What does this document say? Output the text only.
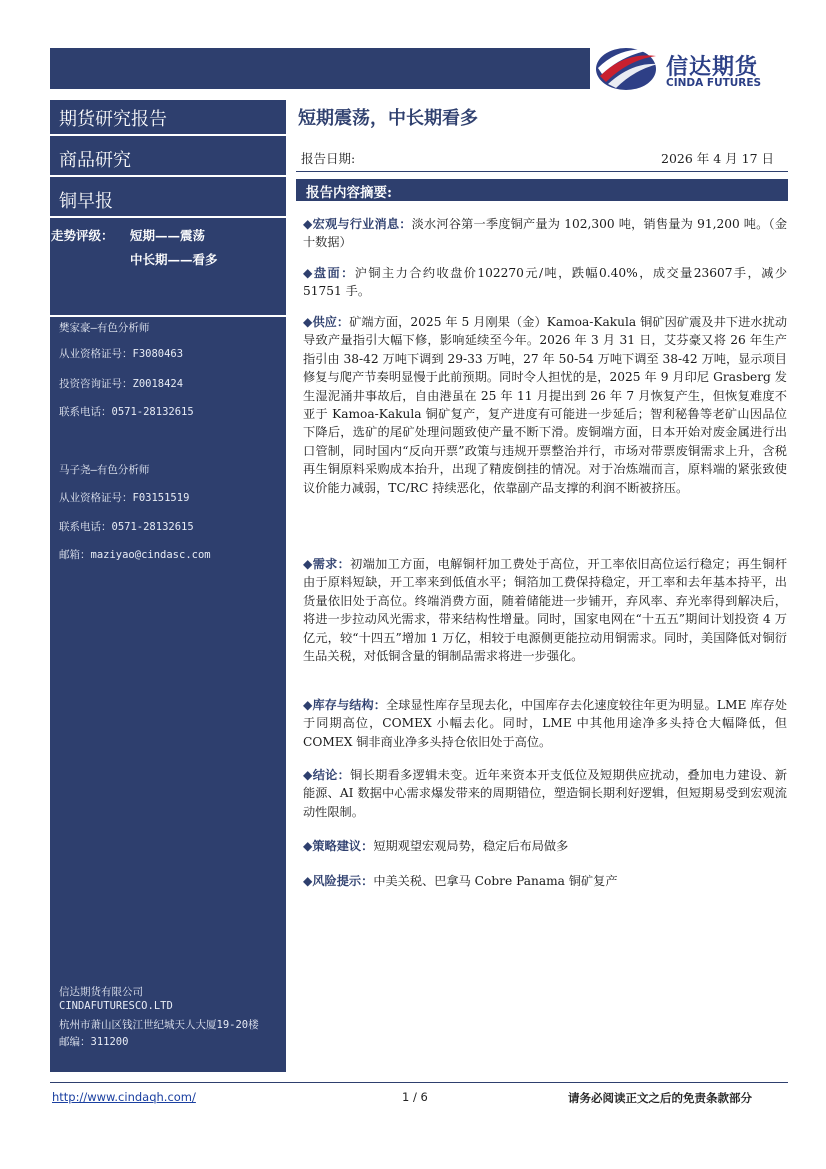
信达期货
CINDA FUTURES
期货研究报告
商品研究
铜早报
走势评级： 短期——震荡
中长期——看多
樊家豪—有色分析师
从业资格证号：F3080463
投资咨询证号：Z0018424
联系电话：0571-28132615
马子尧—有色分析师
从业资格证号：F03151519
联系电话：0571-28132615
邮箱：maziyao@cindasc.com
信达期货有限公司
CINDAFUTURESCO.LTD
杭州市萧山区钱江世纪城天人大厦19-20楼
邮编：311200
短期震荡，中长期看多
报告日期:	2026 年 4 月 17 日
报告内容摘要:
◆宏观与行业消息：淡水河谷第一季度铜产量为 102,300 吨，销售量为 91,200 吨。（金十数据）
◆盘面：沪铜主力合约收盘价102270元/吨，跌幅0.40%，成交量23607手，减少 51751 手。
◆供应：矿端方面，2025 年 5 月刚果（金）Kamoa-Kakula 铜矿因矿震及井下进水扰动导致产量指引大幅下修，影响延续至今年。2026 年 3 月 31 日，艾芬豪又将 26 年生产指引由 38-42 万吨下调到 29-33 万吨，27 年 50-54 万吨下调至 38-42 万吨，显示项目修复与爬产节奏明显慢于此前预期。同时令人担忧的是，2025 年 9 月印尼 Grasberg 发生湿泥涌井事故后，自由港虽在 25 年 11 月提出到 26 年 7 月恢复产生，但恢复难度不亚于 Kamoa-Kakula 铜矿复产，复产进度有可能进一步延后；智利秘鲁等老矿山因品位下降后，选矿的尾矿处理问题致使产量不断下滑。废铜端方面，日本开始对废金属进行出口管制，同时国内“反向开票”政策与违规开票整治并行，市场对带票废铜需求上升，含税再生铜原料采购成本抬升，出现了精废倒挂的情况。对于冶炼端而言，原料端的紧张致使议价能力减弱，TC/RC 持续恶化，依靠副产品支撑的利润不断被挤压。
◆需求：初端加工方面，电解铜杆加工费处于高位，开工率依旧高位运行稳定；再生铜杆由于原料短缺，开工率来到低值水平；铜箔加工费保持稳定，开工率和去年基本持平，出货量依旧处于高位。终端消费方面，随着储能进一步铺开，弃风率、弃光率得到解决后，将进一步拉动风光需求，带来结构性增量。同时，国家电网在“十五五”期间计划投资 4 万亿元，较“十四五”增加 1 万亿，相较于电源侧更能拉动用铜需求。同时，美国降低对铜衍生品关税，对低铜含量的铜制品需求将进一步强化。
◆库存与结构：全球显性库存呈现去化，中国库存去化速度较往年更为明显。LME 库存处于同期高位，COMEX 小幅去化。同时，LME 中其他用途净多头持仓大幅降低，但 COMEX 铜非商业净多头持仓依旧处于高位。
◆结论：铜长期看多逻辑未变。近年来资本开支低位及短期供应扰动，叠加电力建设、新能源、AI 数据中心需求爆发带来的周期错位，塑造铜长期利好逻辑，但短期易受到宏观流动性限制。
◆策略建议：短期观望宏观局势，稳定后布局做多
◆风险提示：中美关税、巴拿马 Cobre Panama 铜矿复产
http://www.cindaqh.com/	1 / 6	请务必阅读正文之后的免责条款部分
